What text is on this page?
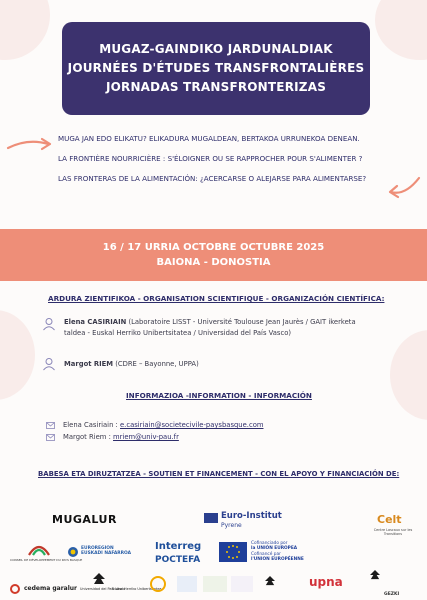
MUGAZ-GAINDIKO JARDUNALDIAK
JOURNÉES D'ÉTUDES TRANSFRONTALIÈRES
JORNADAS TRANSFRONTERIZAS

MUGA JAN EDO ELIKATU? ELIKADURA MUGALDEAN, BERTAKOA URRUNEKOA DENEAN.

LA FRONTIÈRE NOURRICIÈRE : S'ÉLOIGNER OU SE RAPPROCHER POUR S'ALIMENTER ?

LAS FRONTERAS DE LA ALIMENTACIÓN: ¿ACERCARSE O ALEJARSE PARA ALIMENTARSE?

16 / 17 URRIA OCTOBRE OCTUBRE 2025
BAIONA - DONOSTIA
ARDURA ZIENTIFIKOA - ORGANISATION SCIENTIFIQUE - ORGANIZACIÓN CIENTÍFICA:
Elena CASIRIAIN (Laboratoire LISST - Université Toulouse Jean Jaurès / GAIT ikerketa
taldea - Euskal Herriko Unibertsitatea / Universidad del País Vasco)
Margot RIEM (CDRE – Bayonne, UPPA)
INFORMAZIOA -INFORMATION - INFORMACIÓN
Elena Casiriain : e.casiriain@societecivile-paysbasque.com
Margot Riem : mriem@univ-pau.fr
BABESA ETA DIRUZTATZEA - SOUTIEN ET FINANCEMENT - CON EL APOYO Y FINANCIACIÓN DE:
MUGALUR
CONSEIL DE DÉVELOPPEMENT DU PAYS BASQUE
cedema garalur
EUROREGION
EUSKADI NAFARROA
Universidad del País Vasco
Euskal Herriko Unibertsitatea
Euro-Institut
Pyrene
Interreg
POCTEFA
Cofinanciado por
la UNIÓN EUROPEA
Cofinancé par
l'UNION EUROPÉENNE
upna
Celt
Centre Lascaux sur les Transitions
GEZKI
